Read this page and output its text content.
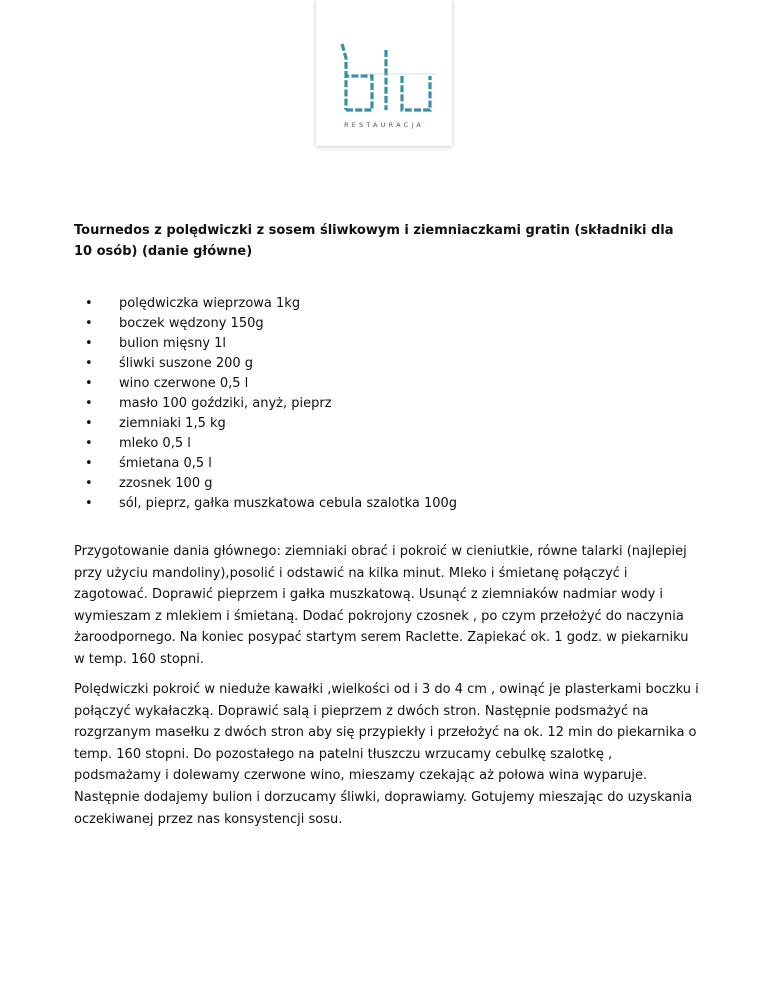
RESTAURACJA
Tournedos z polędwiczki z sosem śliwkowym i ziemniaczkami gratin (składniki dla 10 osób) (danie główne)
• polędwiczka wieprzowa 1kg
• boczek wędzony 150g
• bulion mięsny 1l
• śliwki suszone 200 g
• wino czerwone 0,5 l
• masło 100 goździki, anyż, pieprz
• ziemniaki 1,5 kg
• mleko 0,5 l
• śmietana 0,5 l
• zzosnek 100 g
• sól, pieprz, gałka muszkatowa cebula szalotka 100g

Przygotowanie dania głównego: ziemniaki obrać i pokroić w cieniutkie, równe talarki (najlepiej przy użyciu mandoliny),posolić i odstawić na kilka minut. Mleko i śmietanę połączyć i zagotować. Doprawić pieprzem i gałka muszkatową. Usunąć z ziemniaków nadmiar wody i wymieszam z mlekiem i śmietaną. Dodać pokrojony czosnek , po czym przełożyć do naczynia żaroodpornego. Na koniec posypać startym serem Raclette. Zapiekać ok. 1 godz. w piekarniku w temp. 160 stopni.

Polędwiczki pokroić w nieduże kawałki ,wielkości od i 3 do 4 cm , owinąć je plasterkami boczku i połączyć wykałaczką. Doprawić salą i pieprzem z dwóch stron. Następnie podsmażyć na rozgrzanym masełku z dwóch stron aby się przypiekły i przełożyć na ok. 12 min do piekarnika o temp. 160 stopni. Do pozostałego na patelni tłuszczu wrzucamy cebulkę szalotkę , podsmażamy i dolewamy czerwone wino, mieszamy czekając aż połowa wina wyparuje. Następnie dodajemy bulion i dorzucamy śliwki, doprawiamy. Gotujemy mieszając do uzyskania oczekiwanej przez nas konsystencji sosu.
